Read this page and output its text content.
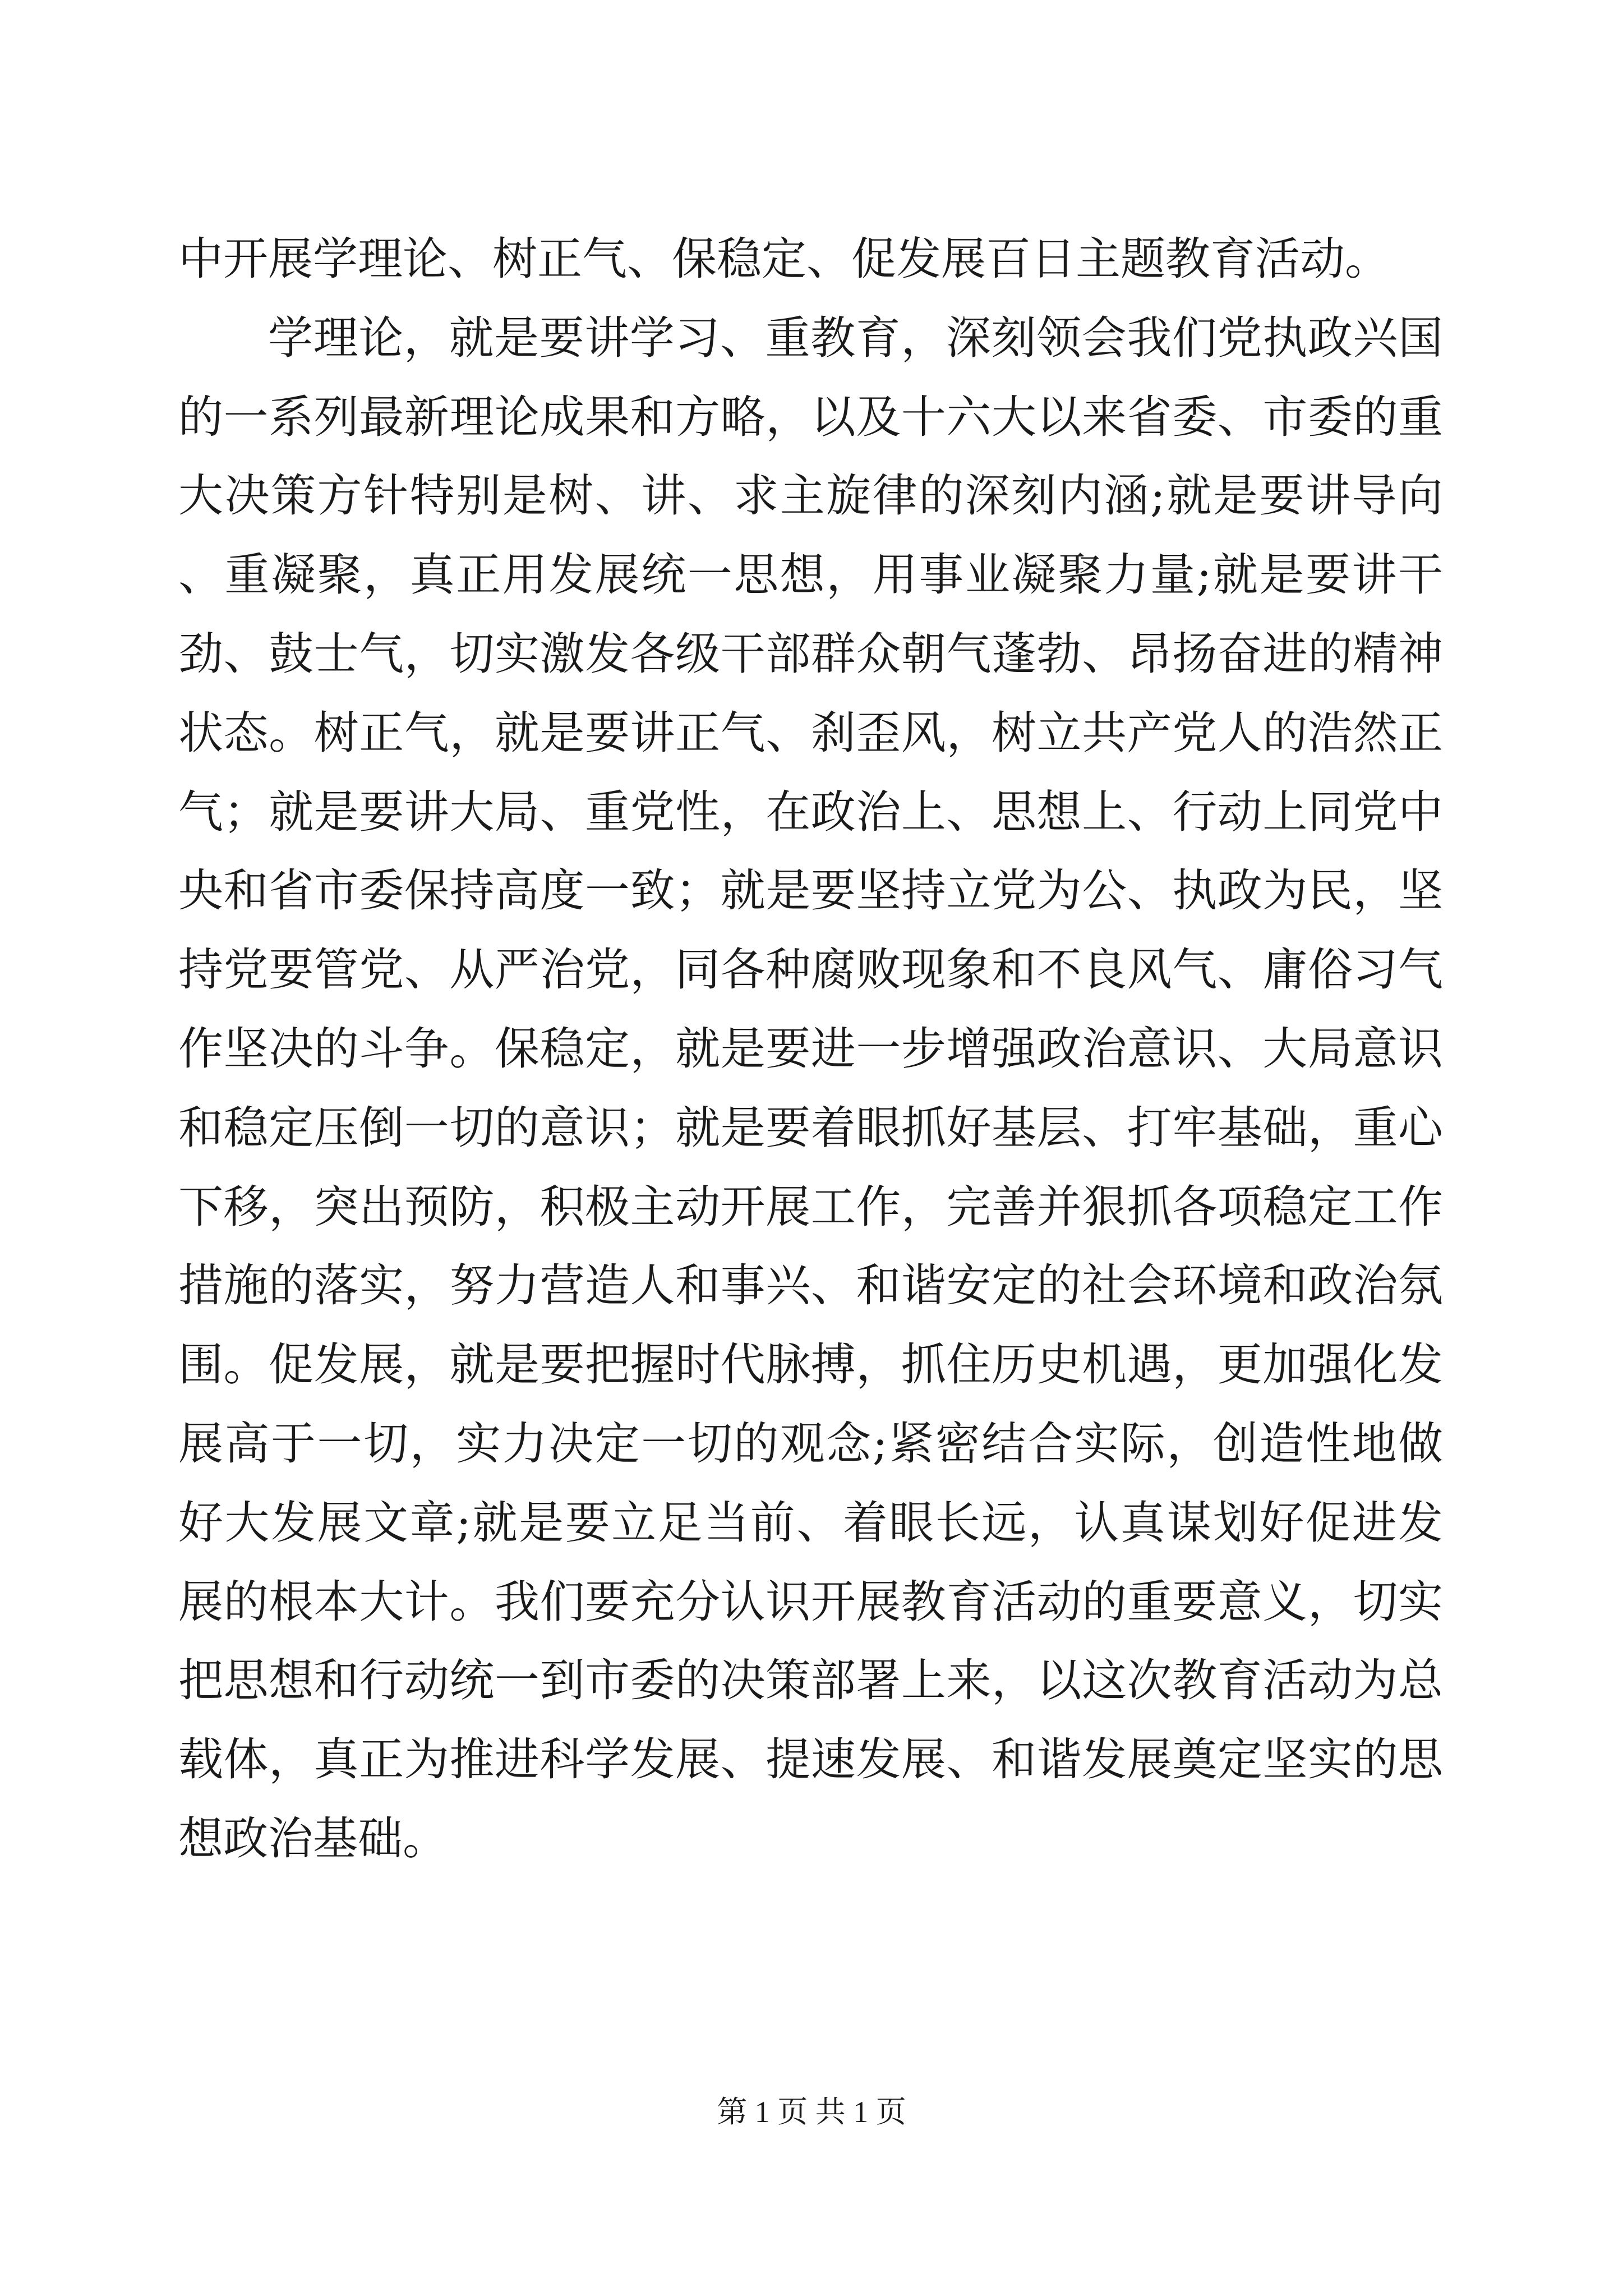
中开展学理论、树正气、保稳定、促发展百日主题教育活动。

学理论，就是要讲学习、重教育，深刻领会我们党执政兴国的一系列最新理论成果和方略，以及十六大以来省委、市委的重大决策方针特别是树、讲、求主旋律的深刻内涵;就是要讲导向、重凝聚，真正用发展统一思想，用事业凝聚力量;就是要讲干劲、鼓士气，切实激发各级干部群众朝气蓬勃、昂扬奋进的精神状态。树正气，就是要讲正气、刹歪风，树立共产党人的浩然正气；就是要讲大局、重党性，在政治上、思想上、行动上同党中央和省市委保持高度一致；就是要坚持立党为公、执政为民，坚持党要管党、从严治党，同各种腐败现象和不良风气、庸俗习气作坚决的斗争。保稳定，就是要进一步增强政治意识、大局意识和稳定压倒一切的意识；就是要着眼抓好基层、打牢基础，重心下移，突出预防，积极主动开展工作，完善并狠抓各项稳定工作措施的落实，努力营造人和事兴、和谐安定的社会环境和政治氛围。促发展，就是要把握时代脉搏，抓住历史机遇，更加强化发展高于一切，实力决定一切的观念;紧密结合实际，创造性地做好大发展文章;就是要立足当前、着眼长远，认真谋划好促进发展的根本大计。我们要充分认识开展教育活动的重要意义，切实把思想和行动统一到市委的决策部署上来，以这次教育活动为总载体，真正为推进科学发展、提速发展、和谐发展奠定坚实的思想政治基础。

第 1 页 共 1 页
